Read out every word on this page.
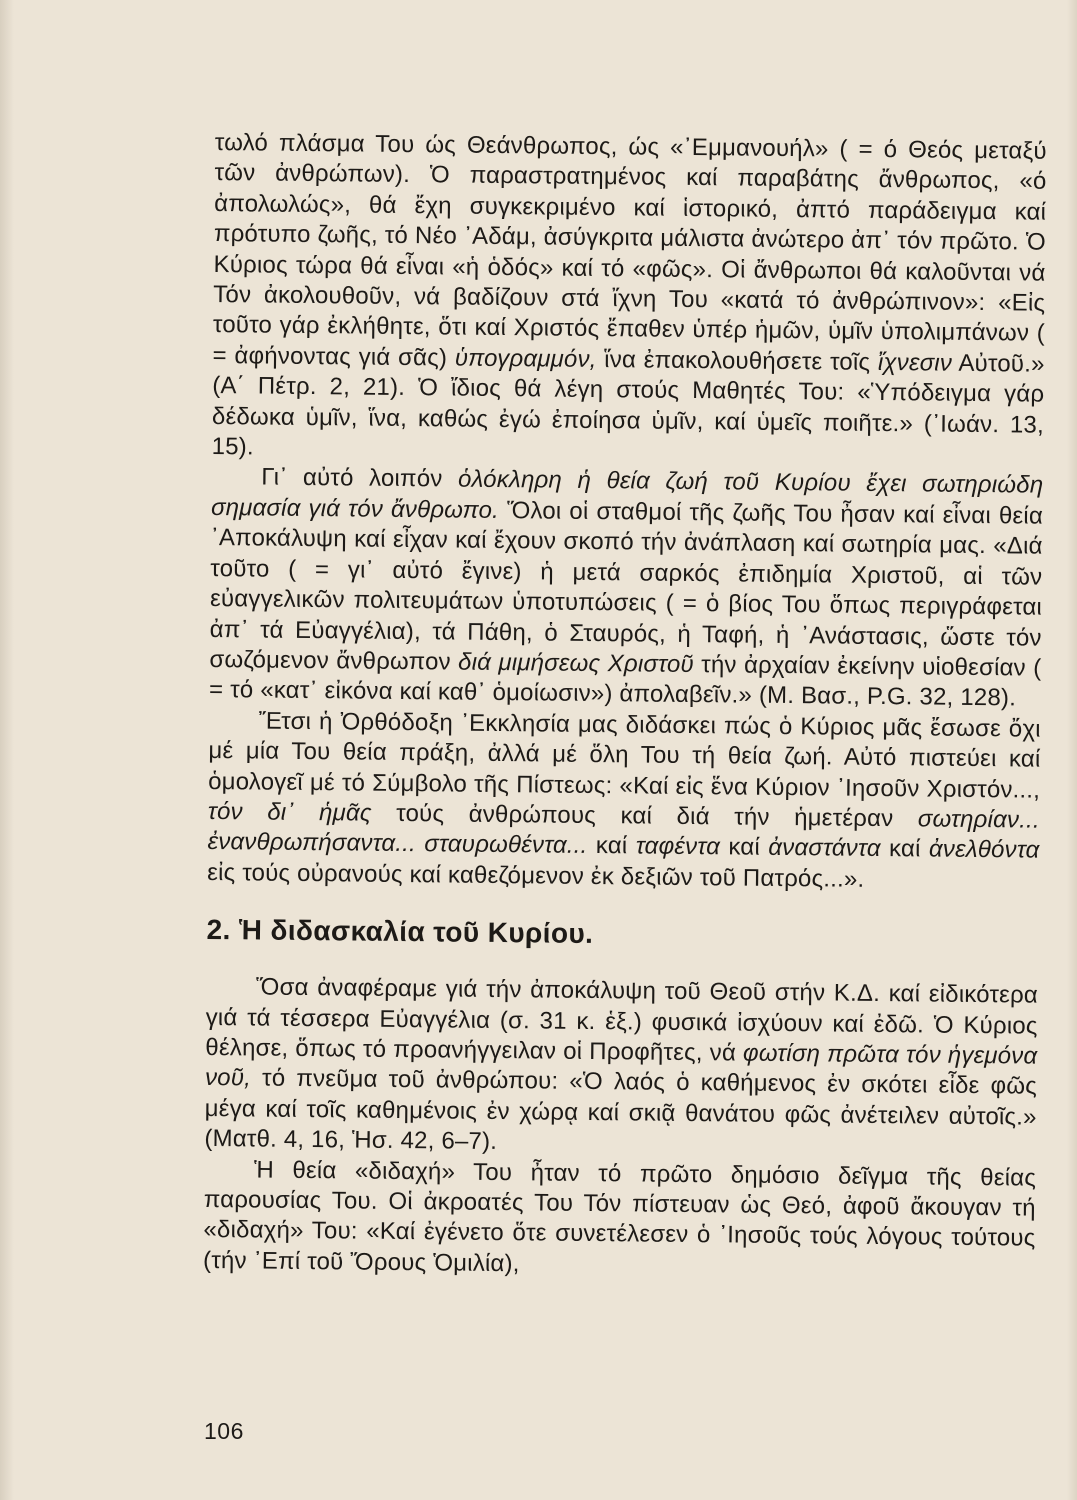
τωλό πλάσμα Του ώς Θεάνθρωπος, ώς «᾿Εμμανουήλ» ( = ό Θεός μεταξύ τῶν ἀνθρώπων). Ὁ παραστρατημένος καί παραβάτης ἄνθρωπος, «ό ἀπολωλώς», θά ἔχη συγκεκριμένο καί ἱστορικό, ἀπτό παράδειγμα καί πρότυπο ζωῆς, τό Νέο ᾿Αδάμ, ἀσύγκριτα μάλιστα ἀνώτερο ἀπ᾿ τόν πρῶτο. Ὁ Κύριος τώρα θά εἶναι «ἡ ὁδός» καί τό «φῶς». Οἱ ἄνθρωποι θά καλοῦνται νά Τόν ἀκολουθοῦν, νά βαδίζουν στά ἴχνη Του «κατά τό ἀνθρώπινον»: «Εἰς τοῦτο γάρ ἐκλήθητε, ὅτι καί Χριστός ἔπαθεν ὑπέρ ἡμῶν, ὑμῖν ὑπολιμπάνων ( = ἀφήνοντας γιά σᾶς) ὑπογραμμόν, ἵνα ἐπακολουθήσετε τοῖς ἴχνεσιν Αὐτοῦ.» (Α΄ Πέτρ. 2, 21). Ὁ ἴδιος θά λέγη στούς Μαθητές Του: «Ὑπόδειγμα γάρ δέδωκα ὑμῖν, ἵνα, καθώς ἐγώ ἐποίησα ὑμῖν, καί ὑμεῖς ποιῆτε.» (᾿Ιωάν. 13, 15).

Γι᾿ αὐτό λοιπόν ὁλόκληρη ἡ θεία ζωή τοῦ Κυρίου ἔχει σωτηριώδη σημασία γιά τόν ἄνθρωπο. Ὅλοι οἱ σταθμοί τῆς ζωῆς Του ἦσαν καί εἶναι θεία ᾿Αποκάλυψη καί εἶχαν καί ἔχουν σκοπό τήν ἀνάπλαση καί σωτηρία μας. «Διά τοῦτο ( = γι᾿ αὐτό ἔγινε) ἡ μετά σαρκός ἐπιδημία Χριστοῦ, αἱ τῶν εὐαγγελικῶν πολιτευμάτων ὑποτυπώσεις ( = ὁ βίος Του ὅπως περιγράφεται ἀπ᾿ τά Εὐαγγέλια), τά Πάθη, ὁ Σταυρός, ἡ Ταφή, ἡ ᾿Ανάστασις, ὥστε τόν σωζόμενον ἄνθρωπον διά μιμήσεως Χριστοῦ τήν ἀρχαίαν ἐκείνην υἱοθεσίαν ( = τό «κατ᾿ εἰκόνα καί καθ᾿ ὁμοίωσιν») ἀπολαβεῖν.» (Μ. Βασ., P.G. 32, 128).

Ἔτσι ἡ Ὀρθόδοξη ᾿Εκκλησία μας διδάσκει πώς ὁ Κύριος μᾶς ἔσωσε ὄχι μέ μία Του θεία πράξη, ἀλλά μέ ὅλη Του τή θεία ζωή. Αὐτό πιστεύει καί ὁμολογεῖ μέ τό Σύμβολο τῆς Πίστεως: «Καί εἰς ἕνα Κύριον ᾿Ιησοῦν Χριστόν..., τόν δι᾿ ἡμᾶς τούς ἀνθρώπους καί διά τήν ἡμετέραν σωτηρίαν... ἐνανθρωπήσαντα... σταυρωθέντα... καί ταφέντα καί ἀναστάντα καί ἀνελθόντα εἰς τούς οὐρανούς καί καθεζόμενον ἐκ δεξιῶν τοῦ Πατρός...».

2. Ἡ διδασκαλία τοῦ Κυρίου.

Ὅσα ἀναφέραμε γιά τήν ἀποκάλυψη τοῦ Θεοῦ στήν Κ.Δ. καί εἰδικότερα γιά τά τέσσερα Εὐαγγέλια (σ. 31 κ. ἑξ.) φυσικά ἰσχύουν καί ἐδῶ. Ὁ Κύριος θέλησε, ὅπως τό προανήγγειλαν οἱ Προφῆτες, νά φωτίση πρῶτα τόν ἡγεμόνα νοῦ, τό πνεῦμα τοῦ ἀνθρώπου: «Ὁ λαός ὁ καθήμενος ἐν σκότει εἶδε φῶς μέγα καί τοῖς καθημένοις ἐν χώρᾳ καί σκιᾷ θανάτου φῶς ἀνέτειλεν αὐτοῖς.» (Ματθ. 4, 16, Ἡσ. 42, 6–7).

Ἡ θεία «διδαχή» Του ἦταν τό πρῶτο δημόσιο δεῖγμα τῆς θείας παρουσίας Του. Οἱ ἀκροατές Του Τόν πίστευαν ὡς Θεό, ἀφοῦ ἄκουγαν τή «διδαχή» Του: «Καί ἐγένετο ὅτε συνετέλεσεν ὁ ᾿Ιησοῦς τούς λόγους τούτους (τήν ᾿Επί τοῦ Ὄρους Ὁμιλία),

106
